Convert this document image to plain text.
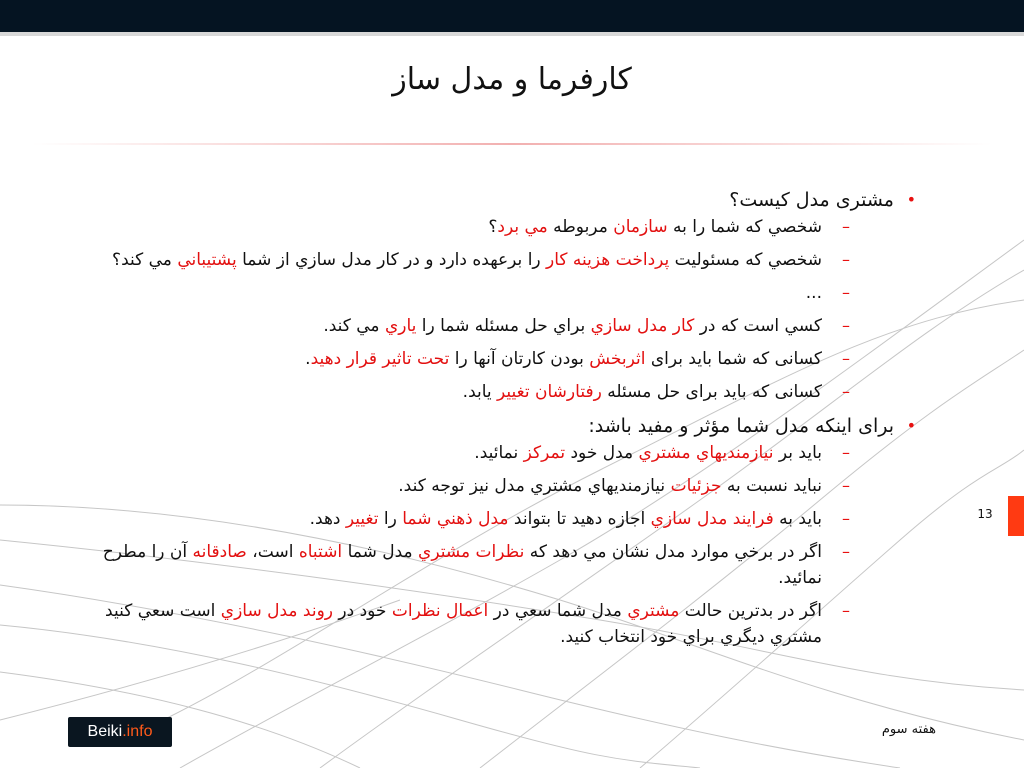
کارفرما و مدل ساز
•
مشتری مدل کیست؟
–
شخصي كه شما را به سازمان مربوطه مي برد؟
–
شخصي كه مسئوليت پرداخت هزينه كار را برعهده دارد و در كار مدل سازي از شما پشتيباني مي كند؟
–
...
–
كسي است كه در كار مدل سازي براي حل مسئله شما را ياري مي كند.
–
کسانی که شما باید برای اثربخش بودن کارتان آنها را تحت تاثیر قرار دهید.
–
کسانی که باید برای حل مسئله رفتارشان تغییر یابد.
•
برای اینکه مدل شما مؤثر و مفید باشد:
–
بايد بر نيازمنديهاي مشتري مدل خود تمركز نمائيد.
–
نبايد نسبت به جزئيات نيازمنديهاي مشتري مدل نيز توجه كند.
–
بايد به فرايند مدل سازي اجازه دهيد تا بتواند مدل ذهني شما را تغيير دهد.
–
اگر در برخي موارد مدل نشان مي دهد كه نظرات مشتري مدل شما اشتباه است، صادقانه آن را مطرح نمائيد.
–
اگر در بدترين حالت مشتري مدل شما سعي در اعمال نظرات خود در روند مدل سازي است سعي كنيد مشتري ديگري براي خود انتخاب كنيد.
13
Beiki.info	هفته سوم
